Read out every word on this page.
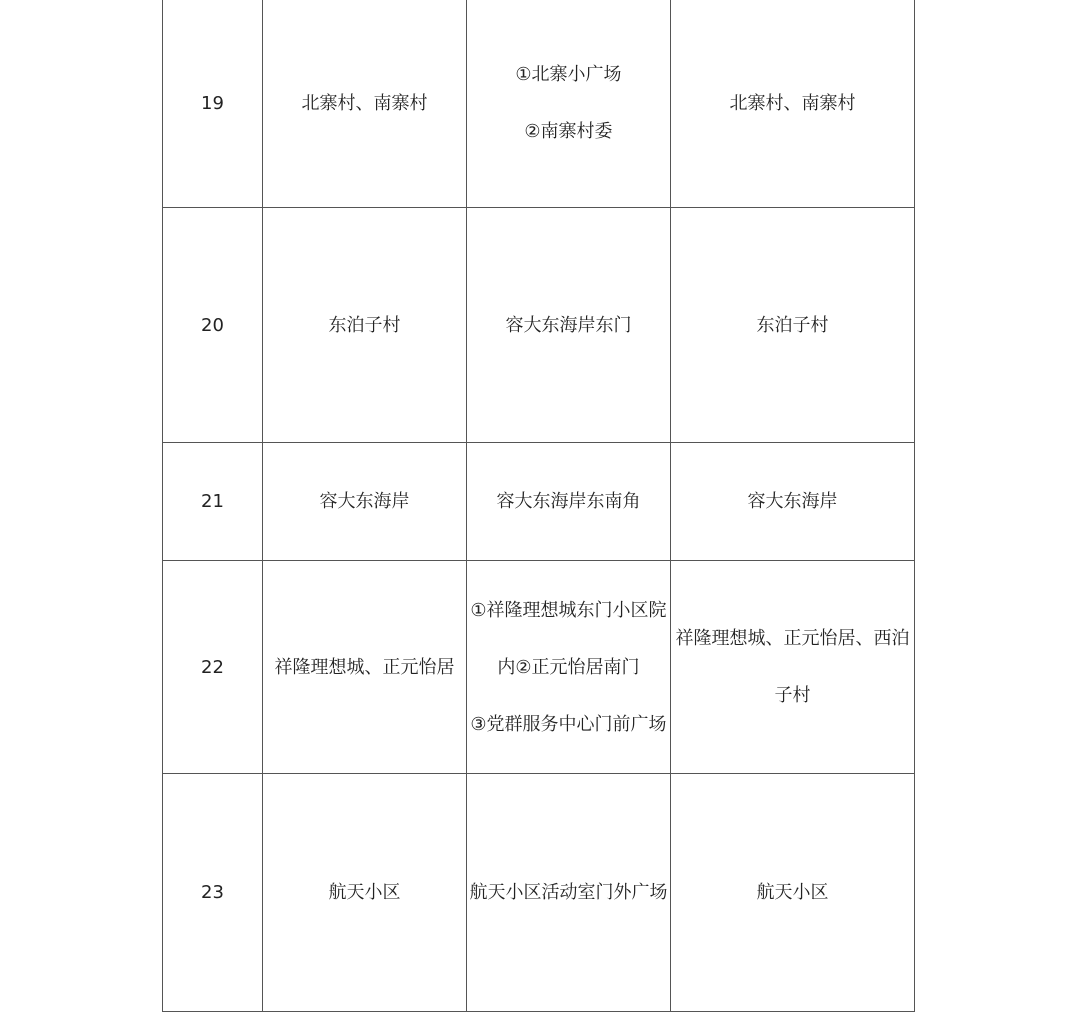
19	北寨村、南寨村	①北寨小广场
②南寨村委	北寨村、南寨村

20	东泊子村	容大东海岸东门	东泊子村

21	容大东海岸	容大东海岸东南角	容大东海岸

22	祥隆理想城、正元怡居	①祥隆理想城东门小区院
内②正元怡居南门
③党群服务中心门前广场	祥隆理想城、正元怡居、西泊
子村

23	航天小区	航天小区活动室门外广场	航天小区
